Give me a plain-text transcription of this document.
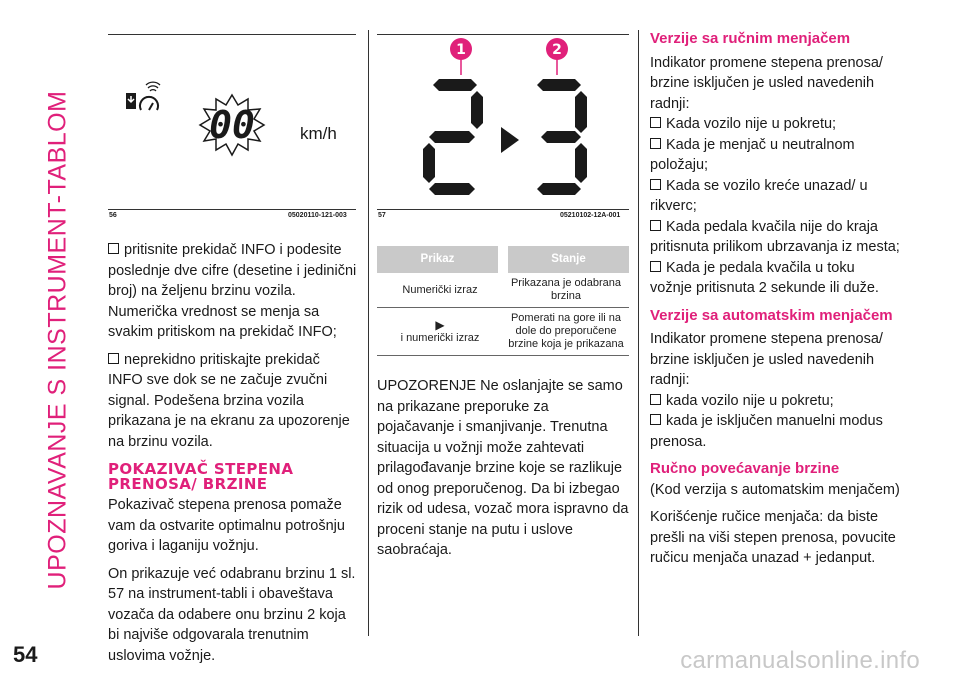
UPOZNAVANJE S INSTRUMENT-TABLOM	00	km/h
56	05020110-121-003
1	2
57	05210102-12A-001

pritisnite prekidač INFO i podesite poslednje dve cifre (desetine i jedinični broj) na željenu brzinu vozila. Numerička vrednost se menja sa svakim pritiskom na prekidač INFO;

neprekidno pritiskajte prekidač INFO sve dok se ne začuje zvučni signal. Podešena brzina vozila prikazana je na ekranu za upozorenje na brzinu vozila.

POKAZIVAČ STEPENA PRENOSA/ BRZINE

Pokazivač stepena prenosa pomaže vam da ostvarite optimalnu potrošnju goriva i laganiju vožnju.

On prikazuje već odabranu brzinu 1 sl. 57 na instrument-tabli i obaveštava vozača da odabere onu brzinu 2 koja bi najviše odgovarala trenutnim uslovima vožnje.

Prikaz	Stanje
Numerički izraz	Prikazana je odabrana brzina

▶
i numerički izraz	Pomerati na gore ili na dole do preporučene brzine koja je prikazana

UPOZORENJE Ne oslanjajte se samo na prikazane preporuke za pojačavanje i smanjivanje. Trenutna situacija u vožnji može zahtevati prilagođavanje brzine koje se razlikuje od onog preporučenog. Da bi izbegao rizik od udesa, vozač mora ispravno da proceni stanje na putu i uslove saobraćaja.

Verzije sa ručnim menjačem

Indikator promene stepena prenosa/ brzine isključen je usled navedenih radnji:

Kada vozilo nije u pokretu;
Kada je menjač u neutralnom položaju;
Kada se vozilo kreće unazad/ u rikverc;
Kada pedala kvačila nije do kraja pritisnuta prilikom ubrzavanja iz mesta;
Kada je pedala kvačila u toku vožnje pritisnuta 2 sekunde ili duže.
Verzije sa automatskim menjačem

Indikator promene stepena prenosa/ brzine isključen je usled navedenih radnji:

kada vozilo nije u pokretu;
kada je isključen manuelni modus prenosa.
Ručno povećavanje brzine

(Kod verzija s automatskim menjačem)

Korišćenje ručice menjača: da biste prešli na viši stepen prenosa, povucite ručicu menjača unazad + jedanput.

54	carmanualsonline.info
